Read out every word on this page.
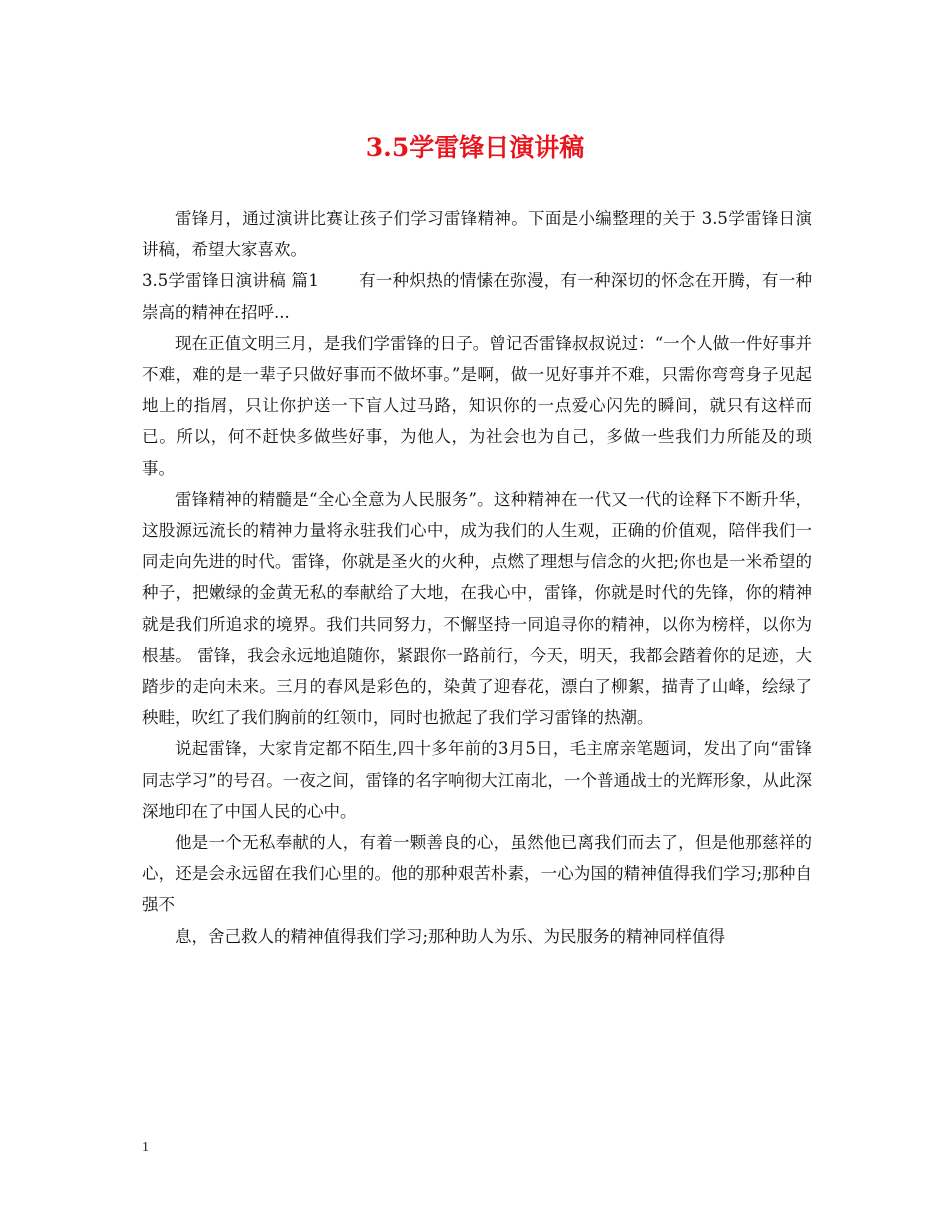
3.5学雷锋日演讲稿

雷锋月，通过演讲比赛让孩子们学习雷锋精神。下面是小编整理的关于 3.5学雷锋日演讲稿，希望大家喜欢。

3.5学雷锋日演讲稿 篇1 有一种炽热的情愫在弥漫，有一种深切的怀念在开腾，有一种崇高的精神在招呼...

现在正值文明三月，是我们学雷锋的日子。曾记否雷锋叔叔说过：“一个人做一件好事并不难，难的是一辈子只做好事而不做坏事。”是啊，做一见好事并不难，只需你弯弯身子见起地上的指屑，只让你护送一下盲人过马路，知识你的一点爱心闪先的瞬间，就只有这样而已。所以，何不赶快多做些好事，为他人，为社会也为自己，多做一些我们力所能及的琐事。

雷锋精神的精髓是“全心全意为人民服务”。这种精神在一代又一代的诠释下不断升华，这股源远流长的精神力量将永驻我们心中，成为我们的人生观，正确的价值观，陪伴我们一同走向先进的时代。雷锋，你就是圣火的火种，点燃了理想与信念的火把;你也是一米希望的种子，把嫩绿的金黄无私的奉献给了大地，在我心中，雷锋，你就是时代的先锋，你的精神就是我们所追求的境界。我们共同努力，不懈坚持一同追寻你的精神，以你为榜样，以你为根基。 雷锋，我会永远地追随你，紧跟你一路前行，今天，明天，我都会踏着你的足迹，大踏步的走向未来。三月的春风是彩色的，染黄了迎春花，漂白了柳絮，描青了山峰，绘绿了秧畦，吹红了我们胸前的红领巾，同时也掀起了我们学习雷锋的热潮。

说起雷锋，大家肯定都不陌生,四十多年前的3月5日，毛主席亲笔题词，发出了向“雷锋同志学习”的号召。一夜之间，雷锋的名字响彻大江南北，一个普通战士的光辉形象，从此深深地印在了中国人民的心中。

他是一个无私奉献的人，有着一颗善良的心，虽然他已离我们而去了，但是他那慈祥的心，还是会永远留在我们心里的。他的那种艰苦朴素，一心为国的精神值得我们学习;那种自强不

息，舍己救人的精神值得我们学习;那种助人为乐、为民服务的精神同样值得

1
